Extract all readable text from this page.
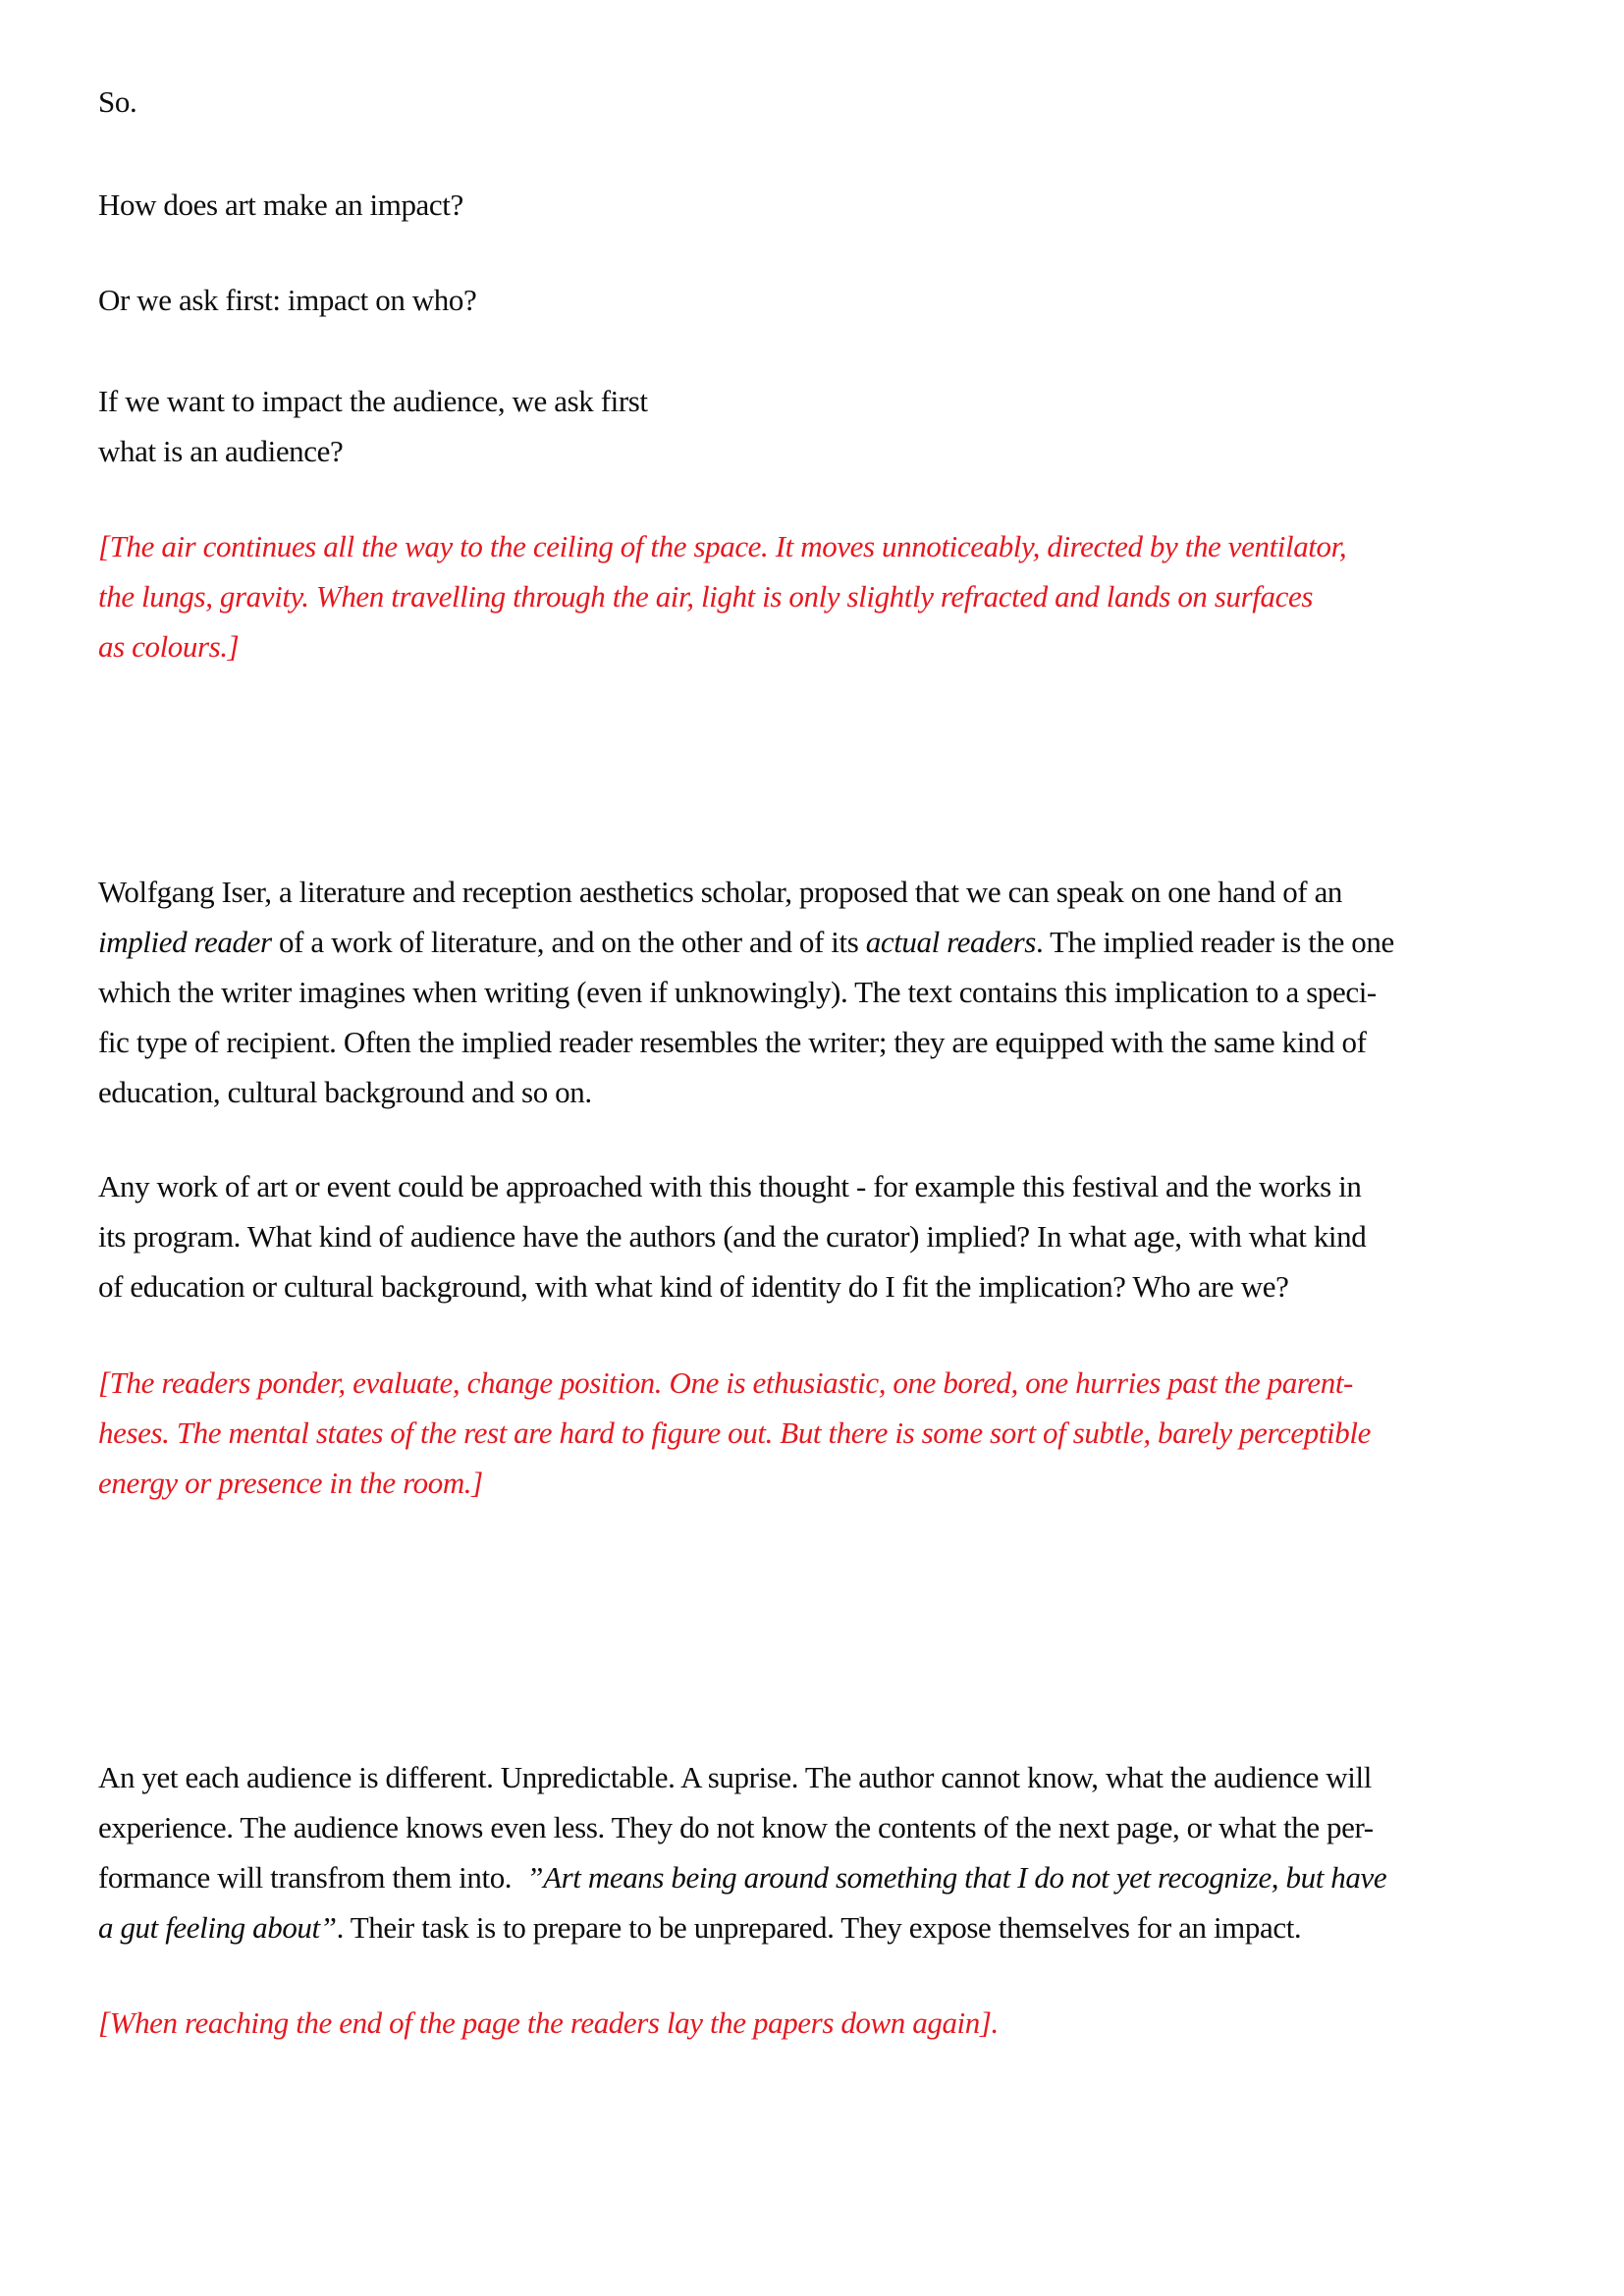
So.
How does art make an impact?
Or we ask first: impact on who?
If we want to impact the audience, we ask first
what is an audience?
[The air continues all the way to the ceiling of the space. It moves unnoticeably, directed by the ventilator,
the lungs, gravity. When travelling through the air, light is only slightly refracted and lands on surfaces
as colours.]
Wolfgang Iser, a literature and reception aesthetics scholar, proposed that we can speak on one hand of an
implied reader of a work of literature, and on the other and of its actual readers. The implied reader is the one
which the writer imagines when writing (even if unknowingly). The text contains this implication to a speci-
fic type of recipient. Often the implied reader resembles the writer; they are equipped with the same kind of
education, cultural background and so on.
Any work of art or event could be approached with this thought - for example this festival and the works in
its program. What kind of audience have the authors (and the curator) implied? In what age, with what kind
of education or cultural background, with what kind of identity do I fit the implication? Who are we?
[The readers ponder, evaluate, change position. One is ethusiastic, one bored, one hurries past the parent-
heses. The mental states of the rest are hard to figure out. But there is some sort of subtle, barely perceptible
energy or presence in the room.]
An yet each audience is different. Unpredictable. A suprise. The author cannot know, what the audience will
experience. The audience knows even less. They do not know the contents of the next page, or what the per-
formance will transfrom them into. ”Art means being around something that I do not yet recognize, but have
a gut feeling about”. Their task is to prepare to be unprepared. They expose themselves for an impact.
[When reaching the end of the page the readers lay the papers down again].
